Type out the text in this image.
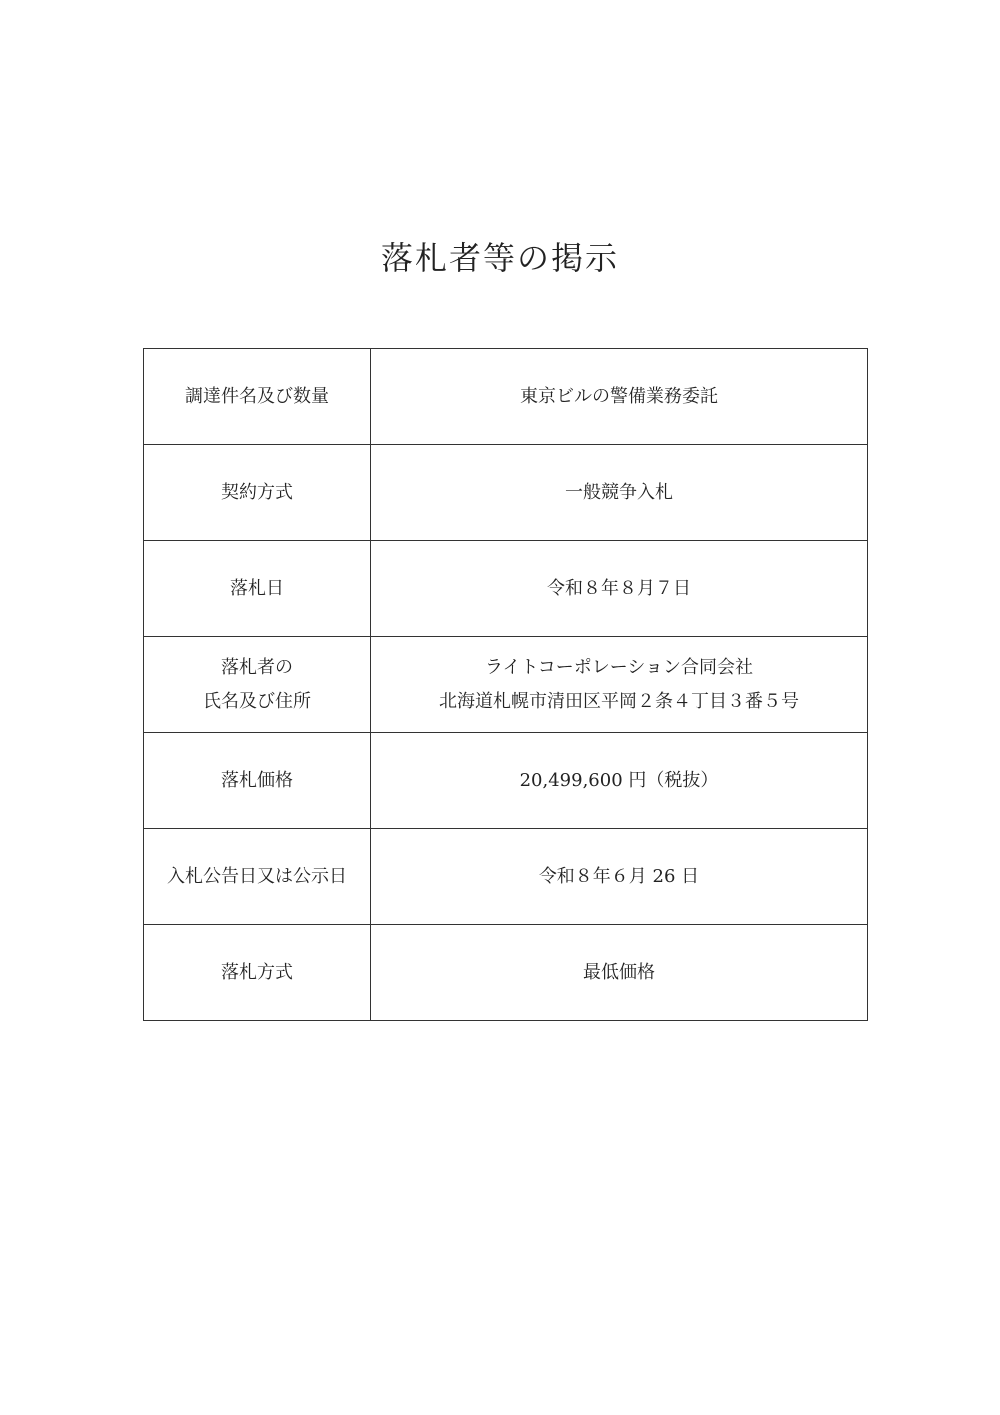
落札者等の掲示
調達件名及び数量	東京ビルの警備業務委託
契約方式	一般競争入札
落札日	令和８年８月７日

落札者の
氏名及び住所	ライトコーポレーション合同会社
北海道札幌市清田区平岡２条４丁目３番５号

落札価格	20,499,600 円（税抜）
入札公告日又は公示日	令和８年６月 26 日
落札方式	最低価格
